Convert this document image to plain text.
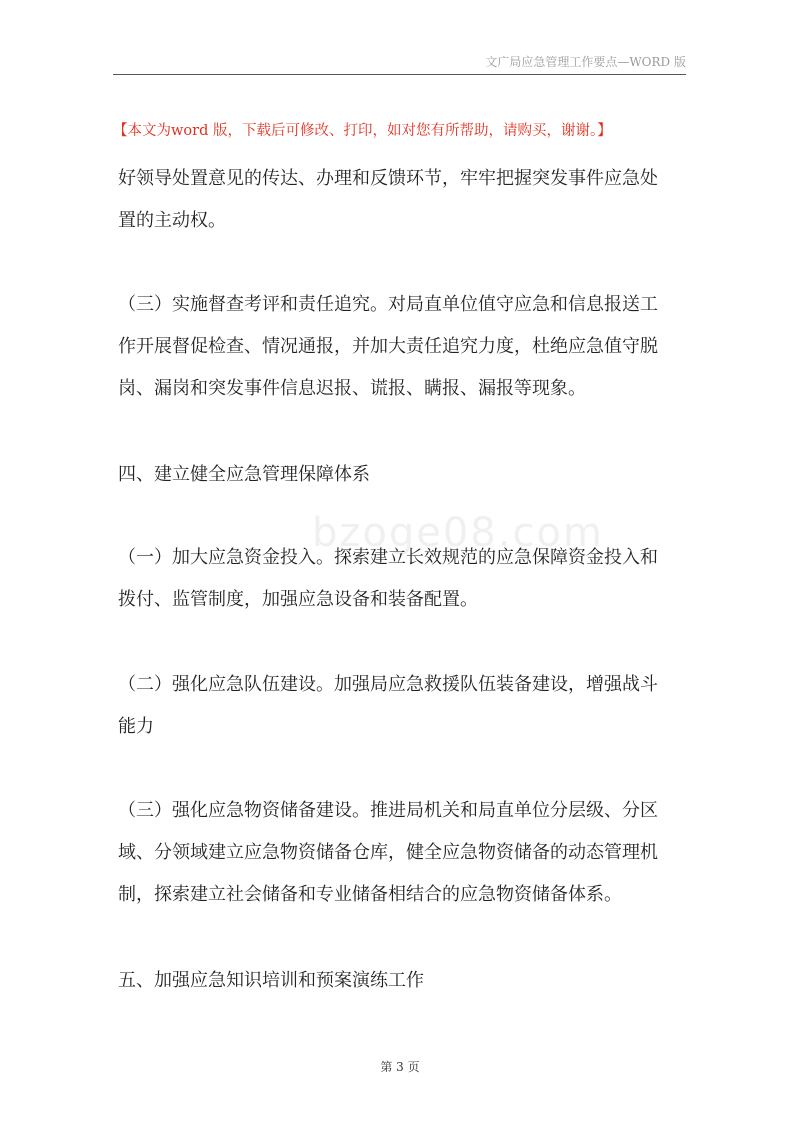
文广局应急管理工作要点—WORD 版
【本文为word 版，下载后可修改、打印，如对您有所帮助，请购买，谢谢。】
bzoge08.com
好领导处置意见的传达、办理和反馈环节，牢牢把握突发事件应急处
置的主动权。
（三）实施督查考评和责任追究。对局直单位值守应急和信息报送工
作开展督促检查、情况通报，并加大责任追究力度，杜绝应急值守脱
岗、漏岗和突发事件信息迟报、谎报、瞒报、漏报等现象。
四、建立健全应急管理保障体系
（一）加大应急资金投入。探索建立长效规范的应急保障资金投入和
拨付、监管制度，加强应急设备和装备配置。
（二）强化应急队伍建设。加强局应急救援队伍装备建设，增强战斗
能力
（三）强化应急物资储备建设。推进局机关和局直单位分层级、分区
域、分领域建立应急物资储备仓库，健全应急物资储备的动态管理机
制，探索建立社会储备和专业储备相结合的应急物资储备体系。
五、加强应急知识培训和预案演练工作
第 3 页
